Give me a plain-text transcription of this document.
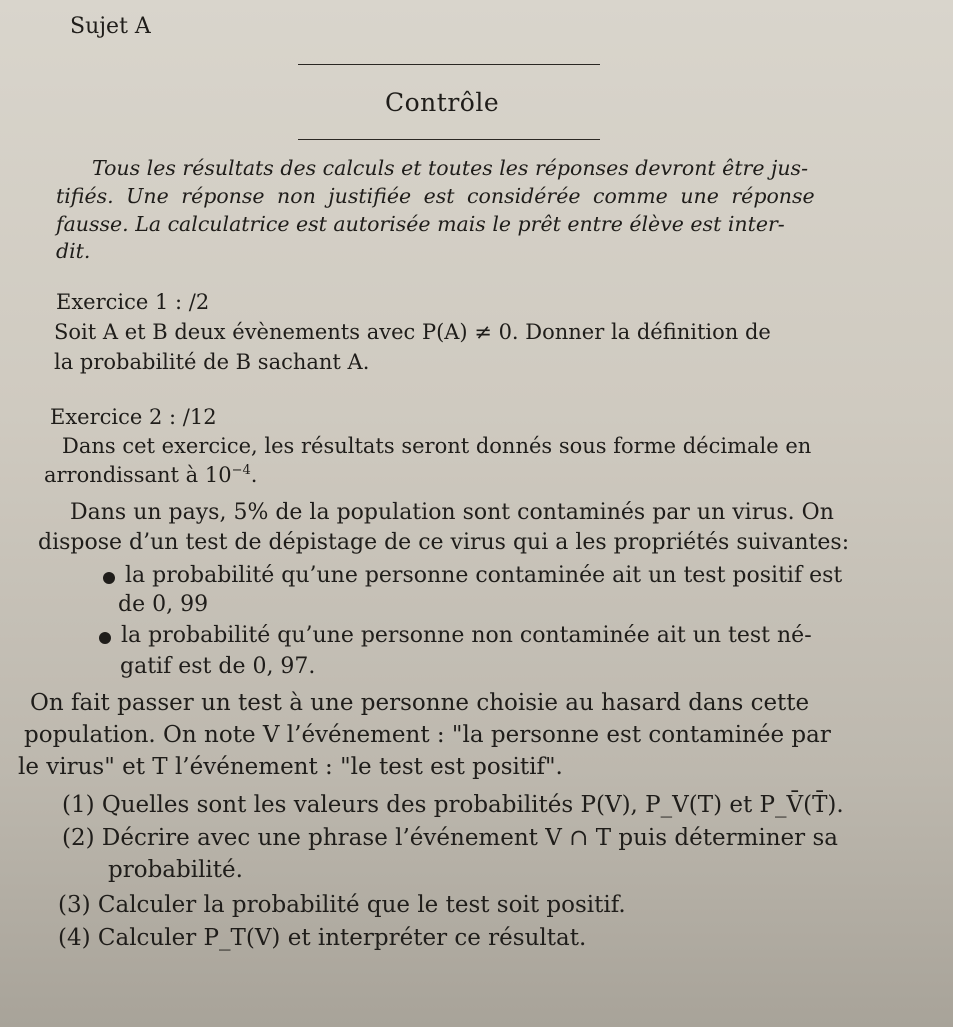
Sujet A
Contrôle
Tous les résultats des calculs et toutes les réponses devront être jus-
tifiés. Une réponse non justifiée est considérée comme une réponse
fausse. La calculatrice est autorisée mais le prêt entre élève est inter-
dit.
Exercice 1 : /2
Soit A et B deux évènements avec P(A) ≠ 0. Donner la définition de
la probabilité de B sachant A.
Exercice 2 : /12
Dans cet exercice, les résultats seront donnés sous forme décimale en
arrondissant à $10^{-4}$.
Dans un pays, 5% de la population sont contaminés par un virus. On
dispose d’un test de dépistage de ce virus qui a les propriétés suivantes:
la probabilité qu’une personne contaminée ait un test positif est
de 0, 99
la probabilité qu’une personne non contaminée ait un test né-
gatif est de 0, 97.
On fait passer un test à une personne choisie au hasard dans cette
population. On note V l’événement : "la personne est contaminée par
le virus" et T l’événement : "le test est positif".
(1) Quelles sont les valeurs des probabilités P(V), P_V(T) et P_V̄(T̄).
(2) Décrire avec une phrase l’événement V ∩ T puis déterminer sa
probabilité.
(3) Calculer la probabilité que le test soit positif.
(4) Calculer P_T(V) et interpréter ce résultat.
